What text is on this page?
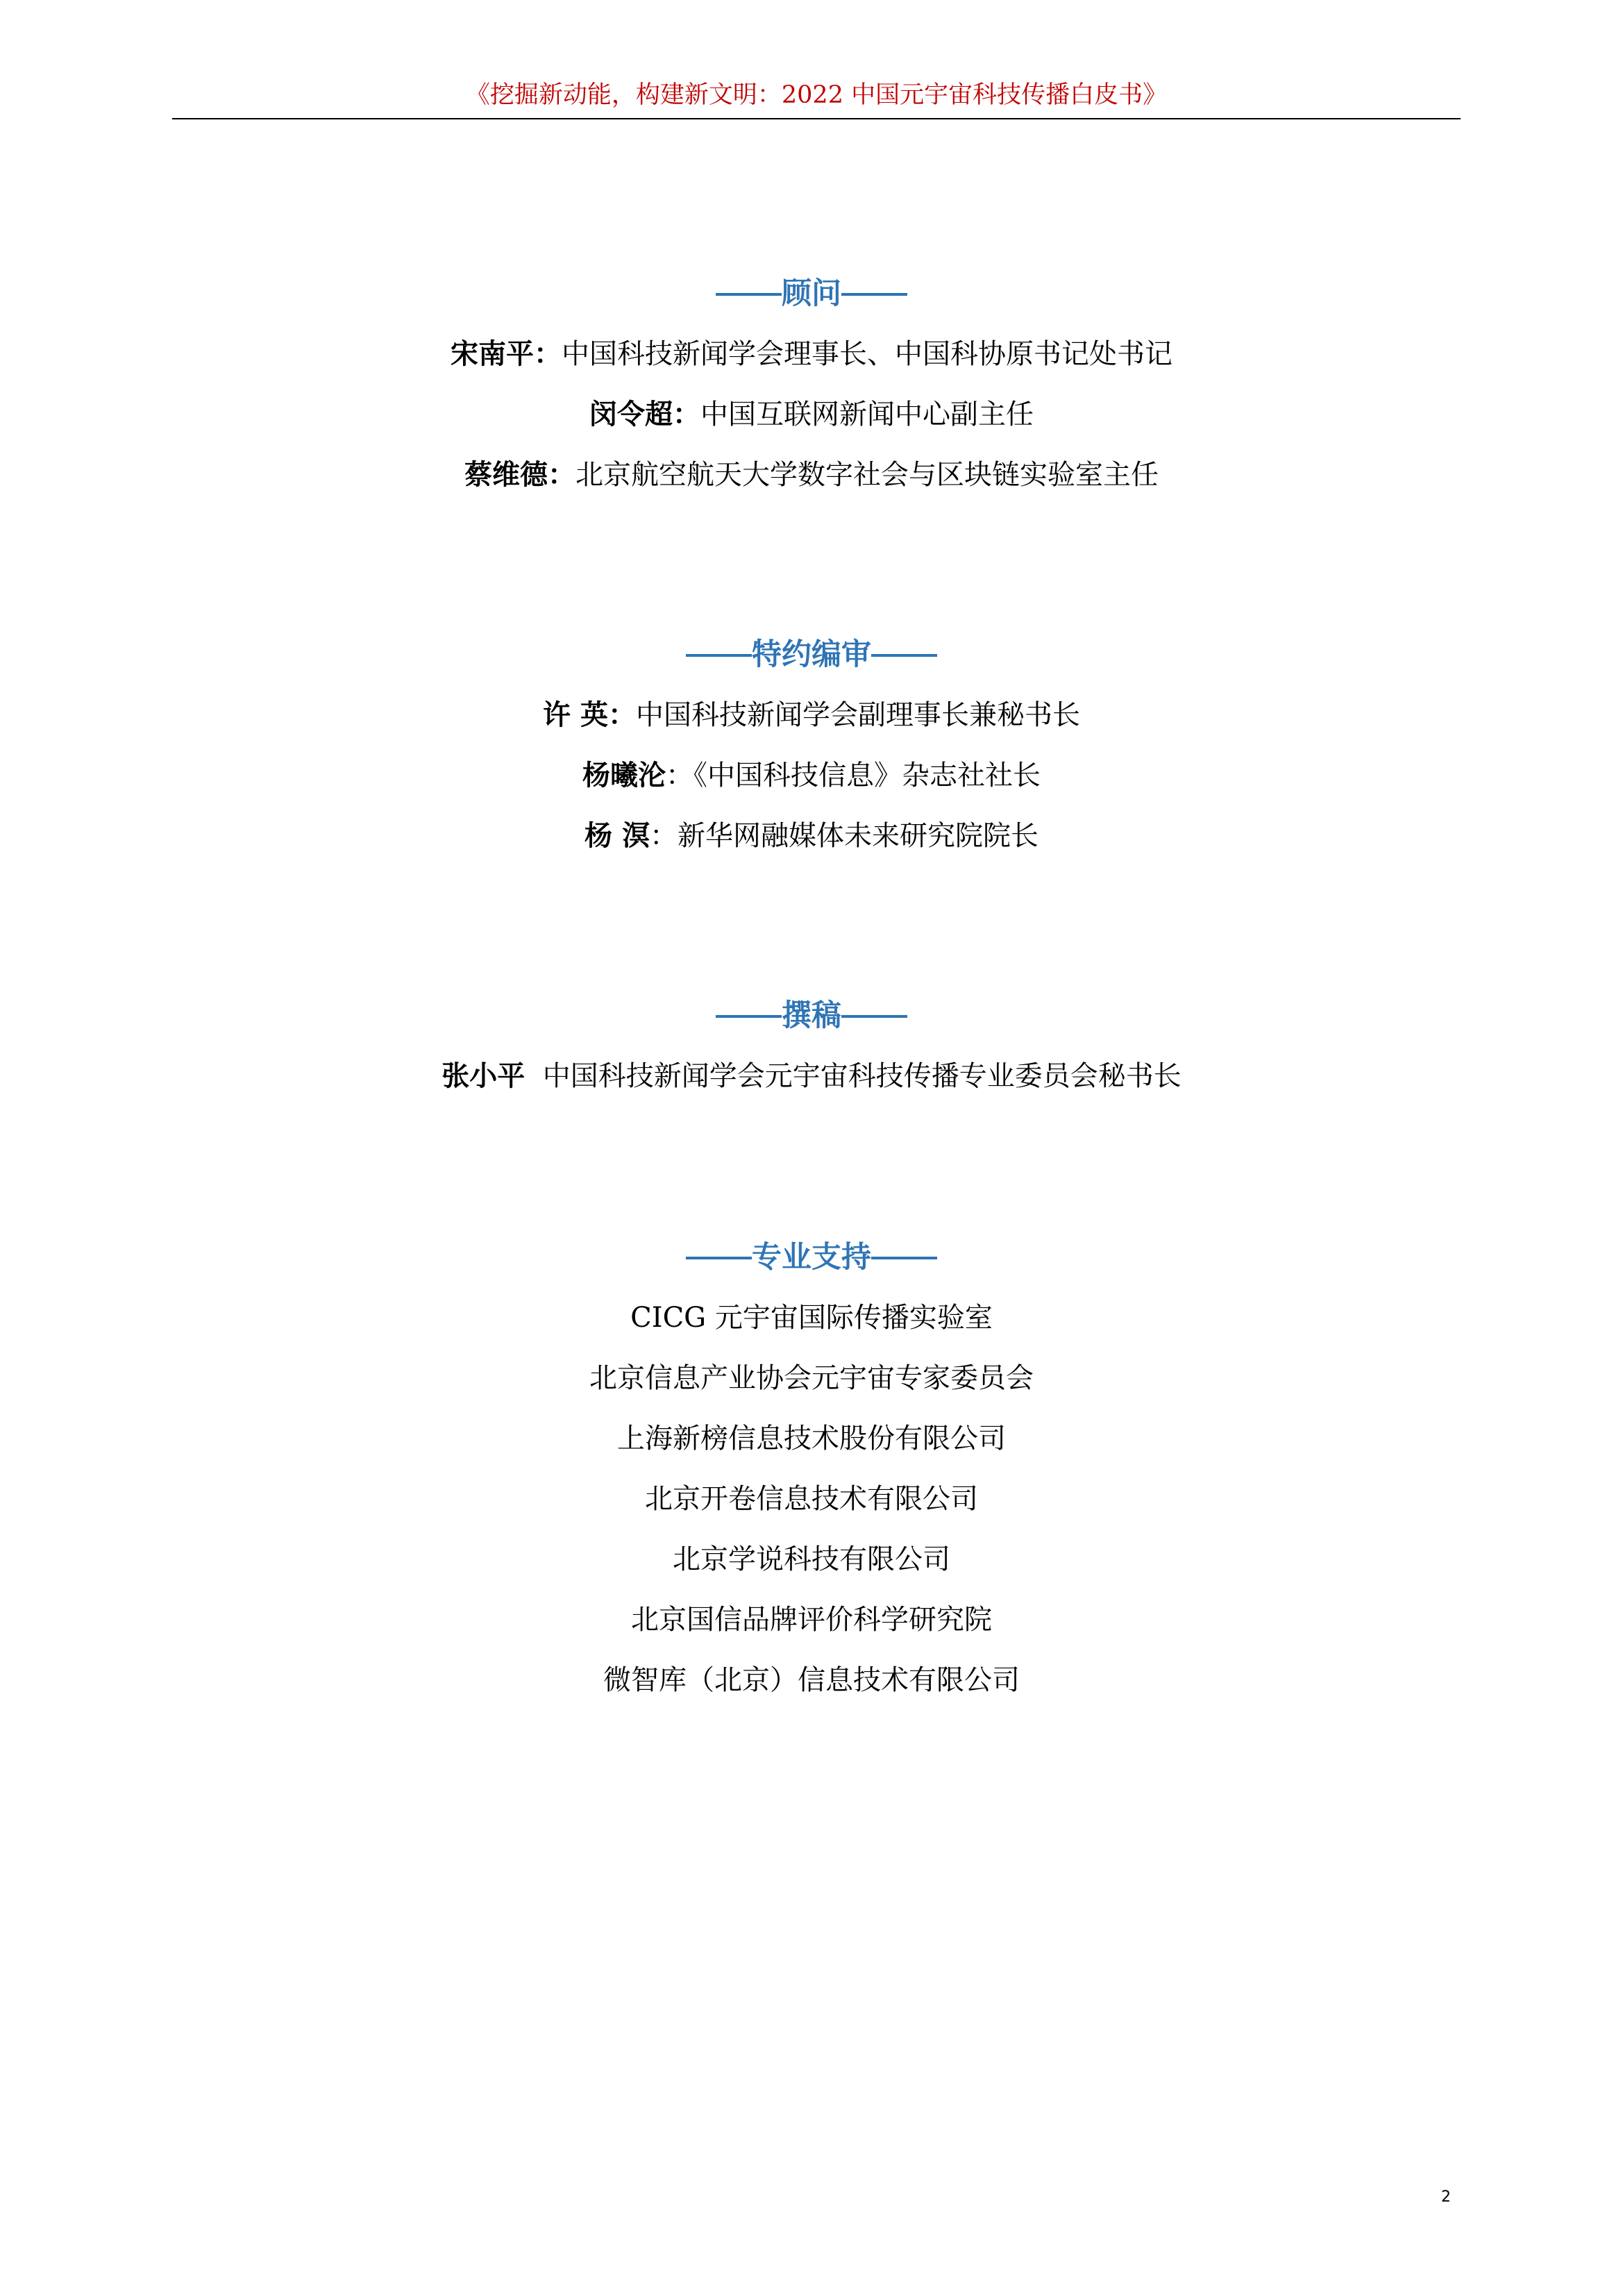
《挖掘新动能，构建新文明：2022 中国元宇宙科技传播白皮书》
顾问
宋南平：中国科技新闻学会理事长、中国科协原书记处书记
闵令超：中国互联网新闻中心副主任
蔡维德：北京航空航天大学数字社会与区块链实验室主任
特约编审
许 英：中国科技新闻学会副理事长兼秘书长
杨曦沦：《中国科技信息》杂志社社长
杨 溟：新华网融媒体未来研究院院长
撰稿
张小平 中国科技新闻学会元宇宙科技传播专业委员会秘书长
专业支持
CICG 元宇宙国际传播实验室
北京信息产业协会元宇宙专家委员会
上海新榜信息技术股份有限公司
北京开卷信息技术有限公司
北京学说科技有限公司
北京国信品牌评价科学研究院
微智库（北京）信息技术有限公司
2
